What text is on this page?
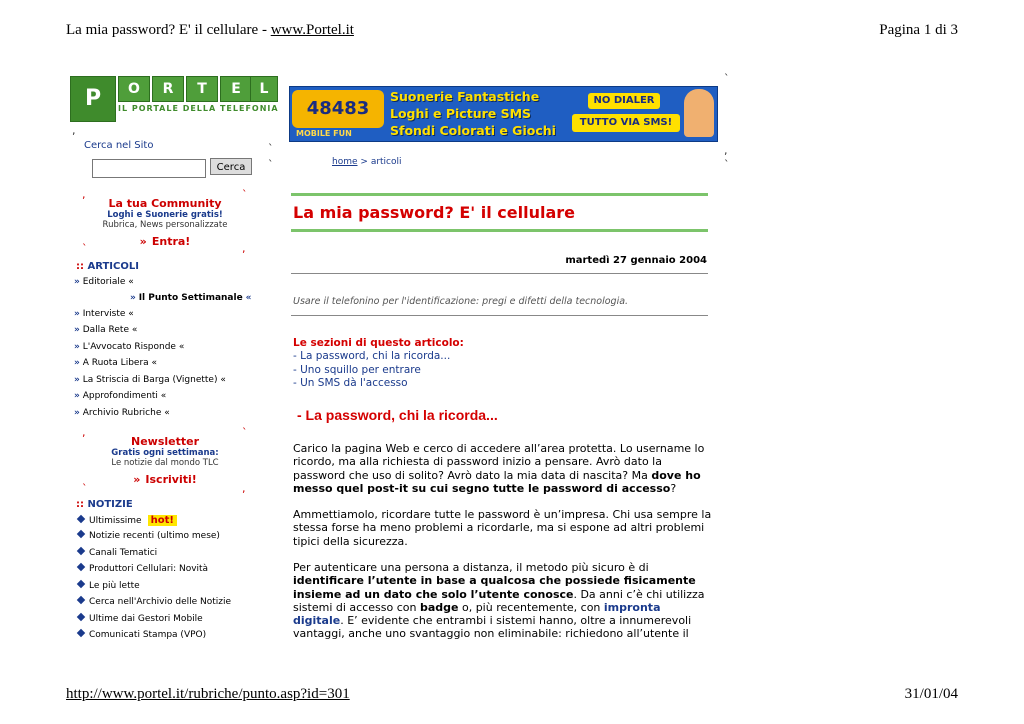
La mia password? E' il cellulare - www.Portel.it	Pagina 1 di 3
http://www.portel.it/rubriche/punto.asp?id=301	31/01/04
P	O	R	T	E	L
IL PORTALE DELLA TELEFONIA	48483
MOBILE FUN
Suonerie Fantastiche
Loghi e Picture SMS
Sfondi Colorati e Giochi
NO DIALER
TUTTO VIA SMS!
`
,
`
,
`
`
,	`
`	,
,	`
`	,
Cerca nel Sito
Cerca
La tua Community
Loghi e Suonerie gratis!
Rubrica, News personalizzate
» Entra!
:: ARTICOLI
» Editoriale «
» Il Punto Settimanale «
» Interviste «
» Dalla Rete «
» L'Avvocato Risponde «
» A Ruota Libera «
» La Striscia di Barga (Vignette) «
» Approfondimenti «
» Archivio Rubriche «
Newsletter
Gratis ogni settimana:
Le notizie dal mondo TLC
» Iscriviti!
:: NOTIZIE
Ultimissime hot!
Notizie recenti (ultimo mese)
Canali Tematici
Produttori Cellulari: Novità
Le più lette
Cerca nell'Archivio delle Notizie
Ultime dai Gestori Mobile
Comunicati Stampa (VPO)
home > articoli
La mia password? E' il cellulare
martedì 27 gennaio 2004
Usare il telefonino per l'identificazione: pregi e difetti della tecnologia.
Le sezioni di questo articolo:
- La password, chi la ricorda...
- Uno squillo per entrare
- Un SMS dà l'accesso
- La password, chi la ricorda...
Carico la pagina Web e cerco di accedere all’area protetta. Lo username lo ricordo, ma alla richiesta di password inizio a pensare. Avrò dato la password che uso di solito? Avrò dato la mia data di nascita? Ma dove ho messo quel post-it su cui segno tutte le password di accesso?
Ammettiamolo, ricordare tutte le password è un’impresa. Chi usa sempre la stessa forse ha meno problemi a ricordarle, ma si espone ad altri problemi tipici della sicurezza.
Per autenticare una persona a distanza, il metodo più sicuro è di identificare l’utente in base a qualcosa che possiede fisicamente insieme ad un dato che solo l’utente conosce. Da anni c’è chi utilizza sistemi di accesso con badge o, più recentemente, con impronta digitale. E’ evidente che entrambi i sistemi hanno, oltre a innumerevoli vantaggi, anche uno svantaggio non eliminabile: richiedono all’utente il
